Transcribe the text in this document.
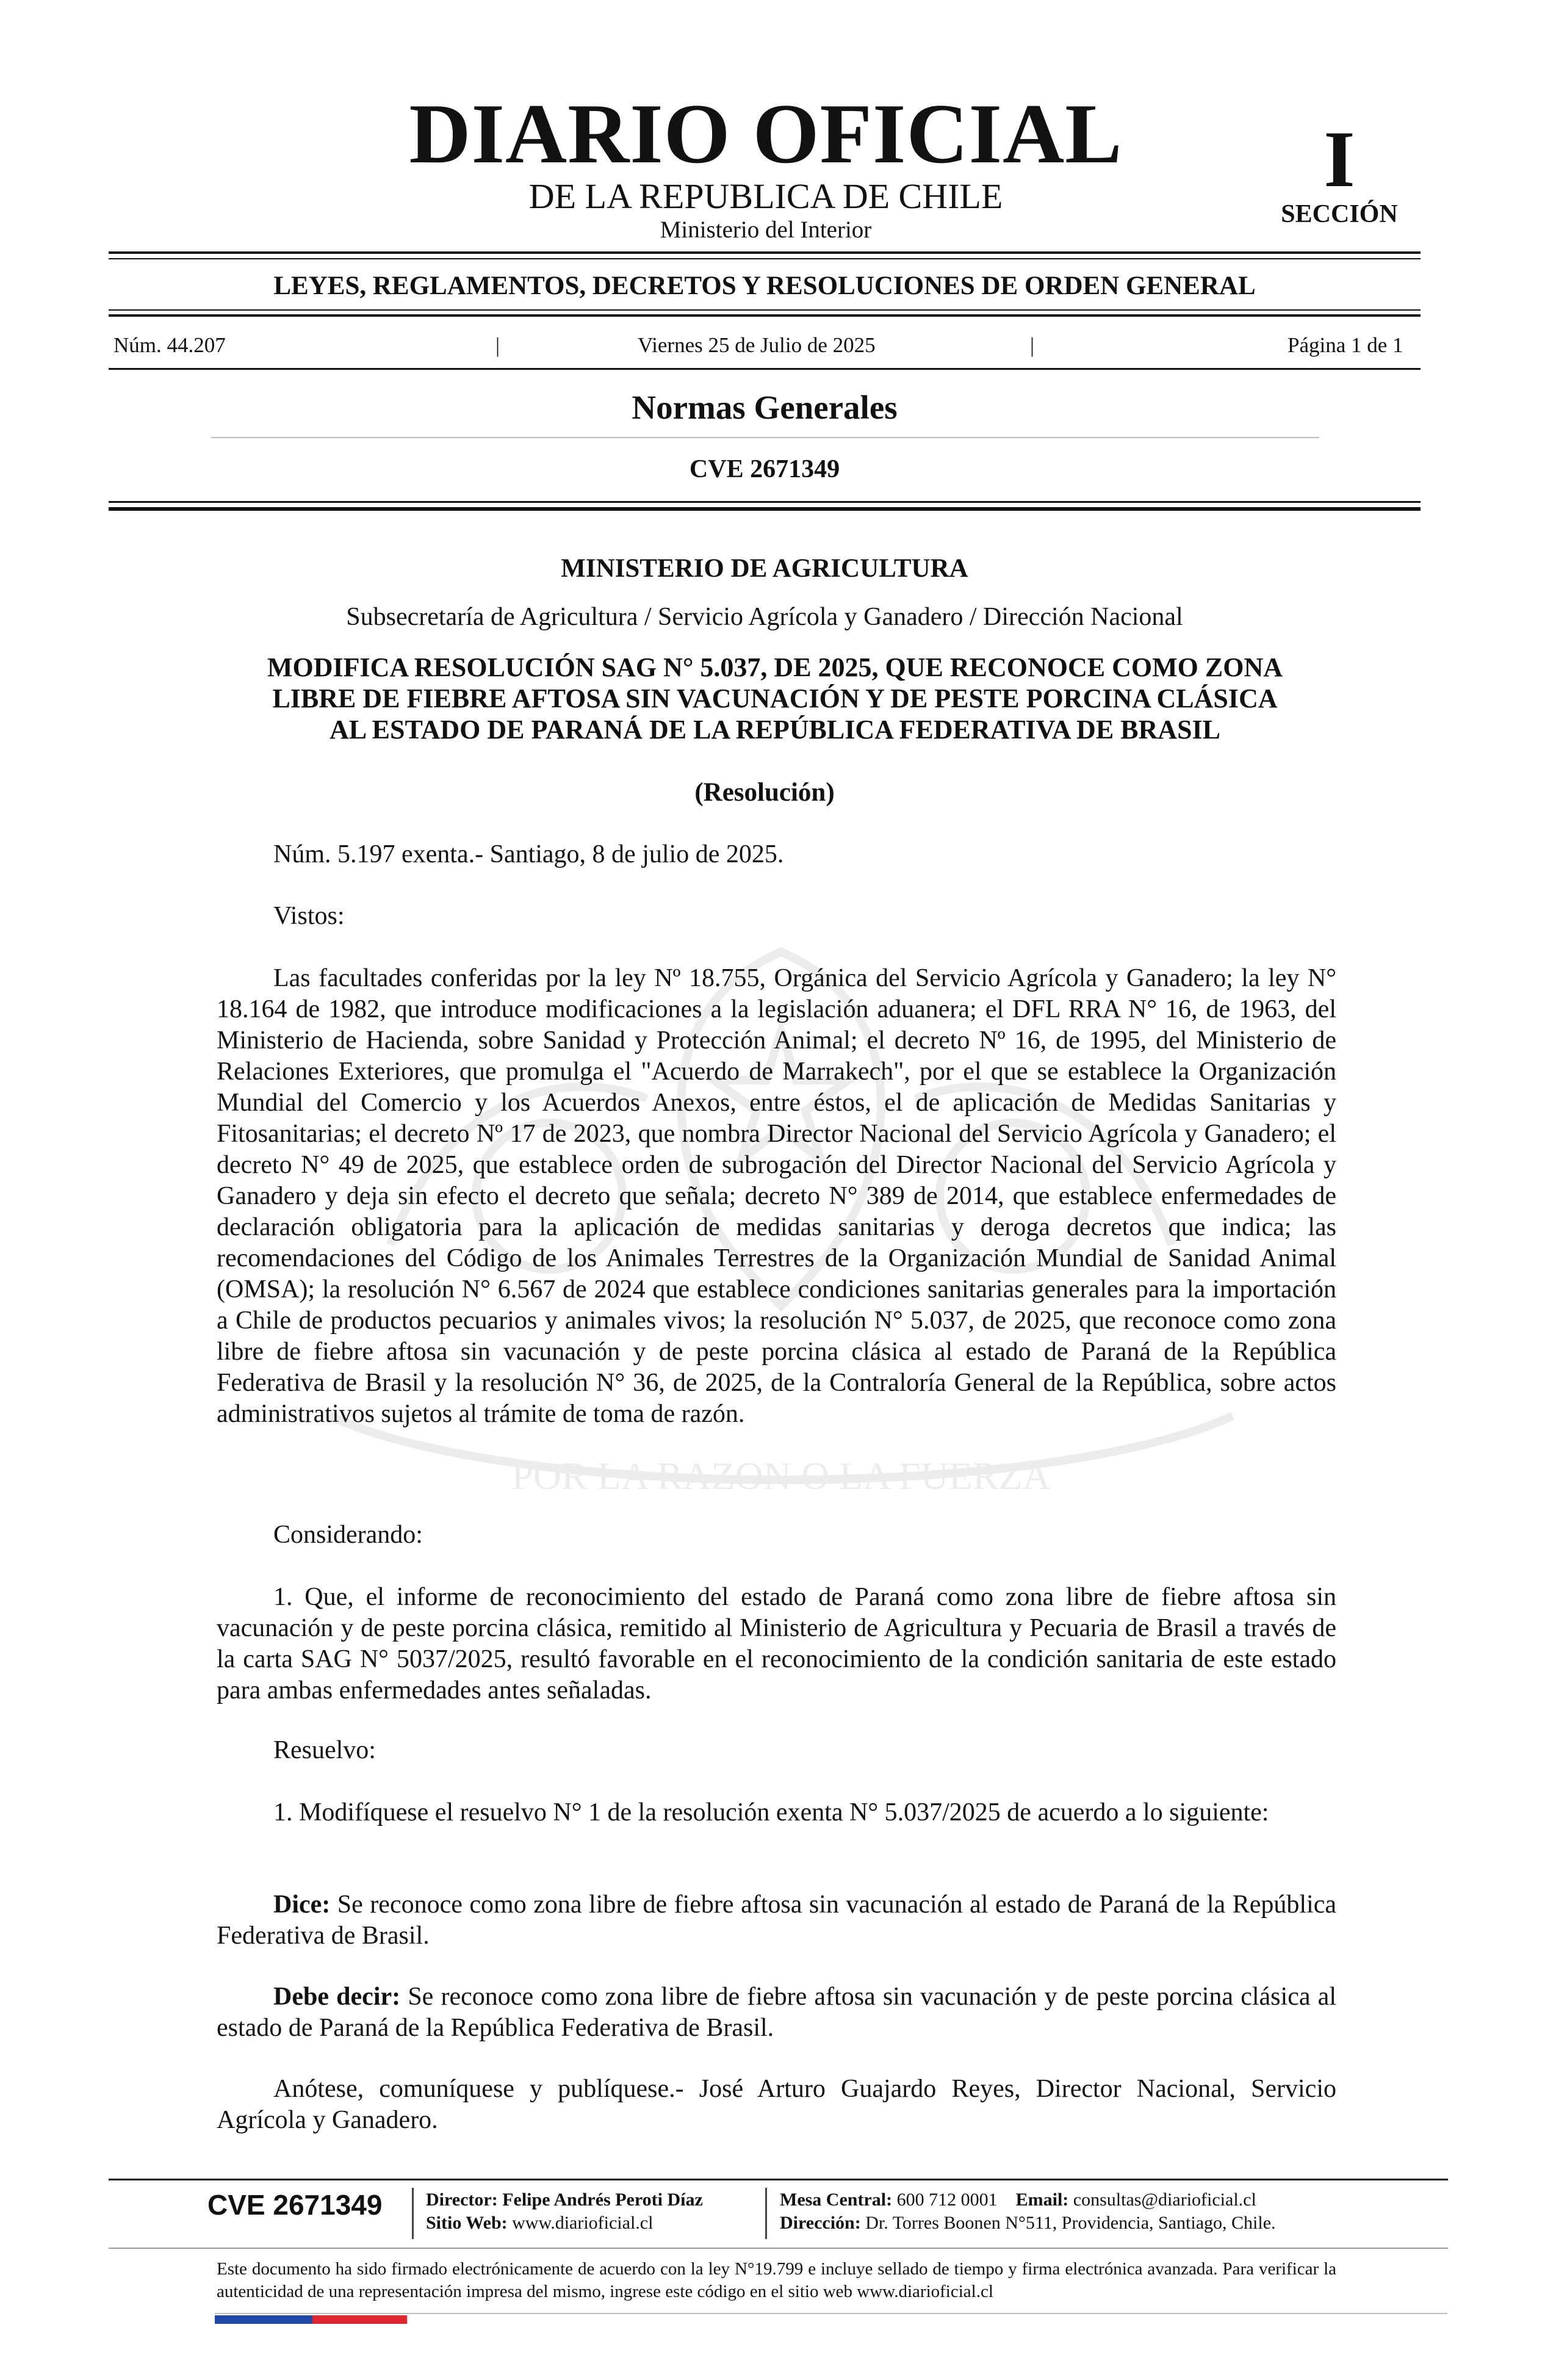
POR LA RAZON O LA FUERZA
DIARIO OFICIAL
DE LA REPUBLICA DE CHILE
Ministerio del Interior
I
SECCIÓN
LEYES, REGLAMENTOS, DECRETOS Y RESOLUCIONES DE ORDEN GENERAL
Núm. 44.207	|	Viernes 25 de Julio de 2025	|	Página 1 de 1
Normas Generales
CVE 2671349
MINISTERIO DE AGRICULTURA
Subsecretaría de Agricultura / Servicio Agrícola y Ganadero / Dirección Nacional
MODIFICA RESOLUCIÓN SAG N° 5.037, DE 2025, QUE RECONOCE COMO ZONA
LIBRE DE FIEBRE AFTOSA SIN VACUNACIÓN Y DE PESTE PORCINA CLÁSICA
AL ESTADO DE PARANÁ DE LA REPÚBLICA FEDERATIVA DE BRASIL
(Resolución)
Núm. 5.197 exenta.- Santiago, 8 de julio de 2025.
Vistos:
Las facultades conferidas por la ley Nº 18.755, Orgánica del Servicio Agrícola y Ganadero; la ley N° 18.164 de 1982, que introduce modificaciones a la legislación aduanera; el DFL RRA N° 16, de 1963, del Ministerio de Hacienda, sobre Sanidad y Protección Animal; el decreto Nº 16, de 1995, del Ministerio de Relaciones Exteriores, que promulga el "Acuerdo de Marrakech", por el que se establece la Organización Mundial del Comercio y los Acuerdos Anexos, entre éstos, el de aplicación de Medidas Sanitarias y Fitosanitarias; el decreto Nº 17 de 2023, que nombra Director Nacional del Servicio Agrícola y Ganadero; el decreto N° 49 de 2025, que establece orden de subrogación del Director Nacional del Servicio Agrícola y Ganadero y deja sin efecto el decreto que señala; decreto N° 389 de 2014, que establece enfermedades de declaración obligatoria para la aplicación de medidas sanitarias y deroga decretos que indica; las recomendaciones del Código de los Animales Terrestres de la Organización Mundial de Sanidad Animal (OMSA); la resolución N° 6.567 de 2024 que establece condiciones sanitarias generales para la importación a Chile de productos pecuarios y animales vivos; la resolución N° 5.037, de 2025, que reconoce como zona libre de fiebre aftosa sin vacunación y de peste porcina clásica al estado de Paraná de la República Federativa de Brasil y la resolución N° 36, de 2025, de la Contraloría General de la República, sobre actos administrativos sujetos al trámite de toma de razón.
Considerando:
1. Que, el informe de reconocimiento del estado de Paraná como zona libre de fiebre aftosa sin vacunación y de peste porcina clásica, remitido al Ministerio de Agricultura y Pecuaria de Brasil a través de la carta SAG N° 5037/2025, resultó favorable en el reconocimiento de la condición sanitaria de este estado para ambas enfermedades antes señaladas.
Resuelvo:
1. Modifíquese el resuelvo N° 1 de la resolución exenta N° 5.037/2025 de acuerdo a lo siguiente:
Dice: Se reconoce como zona libre de fiebre aftosa sin vacunación al estado de Paraná de la República Federativa de Brasil.
Debe decir: Se reconoce como zona libre de fiebre aftosa sin vacunación y de peste porcina clásica al estado de Paraná de la República Federativa de Brasil.
Anótese, comuníquese y publíquese.- José Arturo Guajardo Reyes, Director Nacional, Servicio Agrícola y Ganadero.
CVE 2671349	Director: Felipe Andrés Peroti Díaz
Sitio Web: www.diarioficial.cl
Mesa Central: 600 712 0001 Email: consultas@diarioficial.cl
Dirección: Dr. Torres Boonen N°511, Providencia, Santiago, Chile.
Este documento ha sido firmado electrónicamente de acuerdo con la ley N°19.799 e incluye sellado de tiempo y firma electrónica avanzada. Para verificar la autenticidad de una representación impresa del mismo, ingrese este código en el sitio web www.diarioficial.cl
